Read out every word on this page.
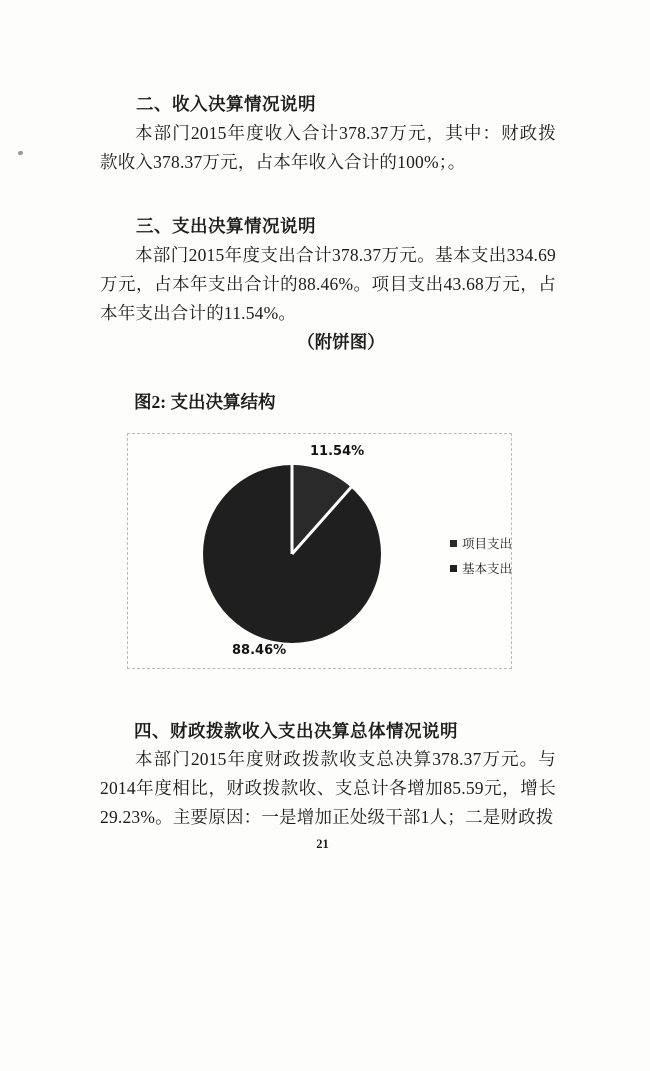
二、收入决算情况说明
本部门2015年度收入合计378.37万元，其中：财政拨款收入378.37万元，占本年收入合计的100%；。
三、支出决算情况说明
本部门2015年度支出合计378.37万元。基本支出334.69万元，占本年支出合计的88.46%。项目支出43.68万元，占本年支出合计的11.54%。
（附饼图）
图2: 支出决算结构
11.54%
88.46%
项目支出
基本支出
四、财政拨款收入支出决算总体情况说明
本部门2015年度财政拨款收支总决算378.37万元。与2014年度相比，财政拨款收、支总计各增加85.59元，增长29.23%。主要原因：一是增加正处级干部1人；二是财政拨
21
